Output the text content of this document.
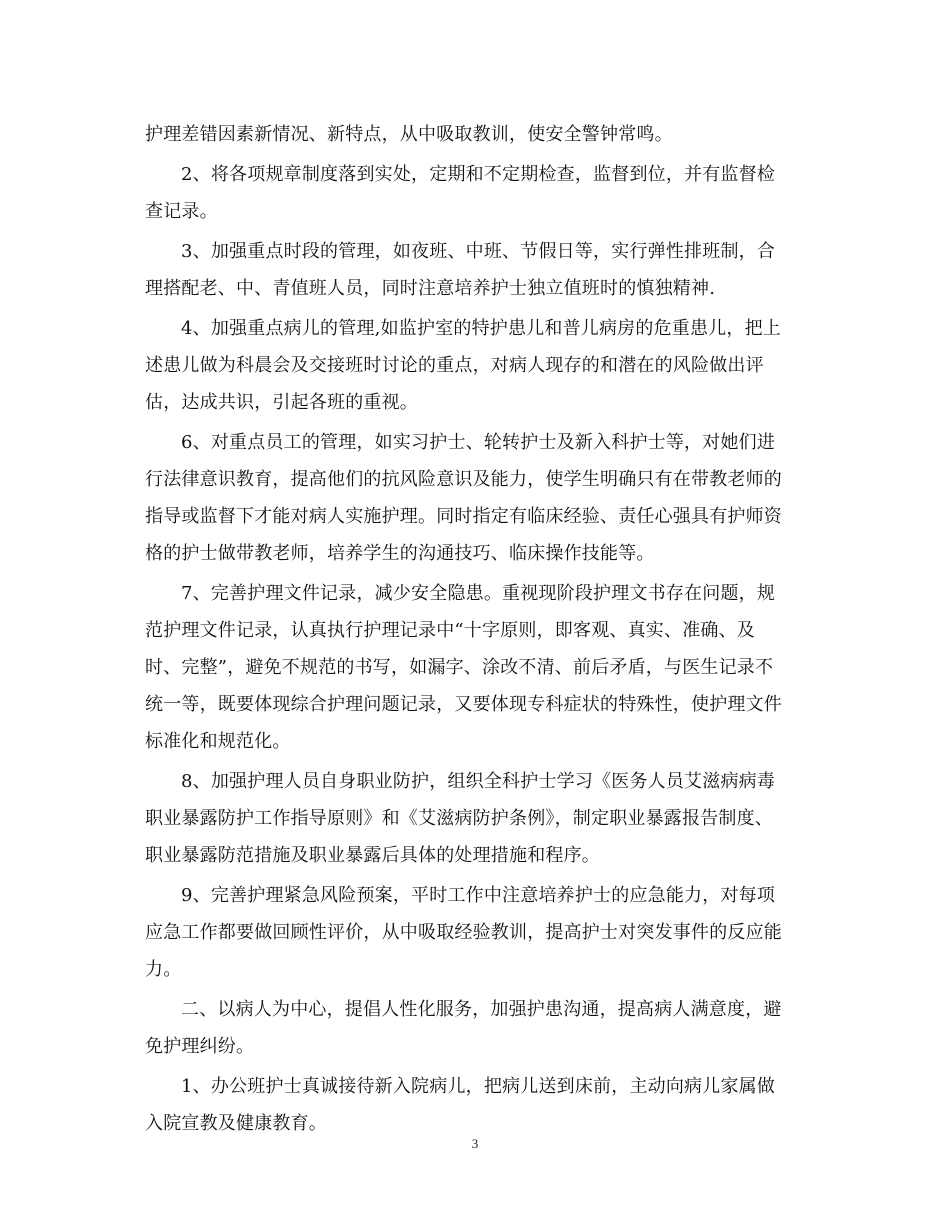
护理差错因素新情况、新特点，从中吸取教训，使安全警钟常鸣。
2、将各项规章制度落到实处，定期和不定期检查，监督到位，并有监督检
查记录。
3、加强重点时段的管理，如夜班、中班、节假日等，实行弹性排班制，合
理搭配老、中、青值班人员，同时注意培养护士独立值班时的慎独精神.
4、加强重点病儿的管理,如监护室的特护患儿和普儿病房的危重患儿，把上
述患儿做为科晨会及交接班时讨论的重点，对病人现存的和潜在的风险做出评
估，达成共识，引起各班的重视。
6、对重点员工的管理，如实习护士、轮转护士及新入科护士等，对她们进
行法律意识教育，提高他们的抗风险意识及能力，使学生明确只有在带教老师的
指导或监督下才能对病人实施护理。同时指定有临床经验、责任心强具有护师资
格的护士做带教老师，培养学生的沟通技巧、临床操作技能等。
7、完善护理文件记录，减少安全隐患。重视现阶段护理文书存在问题，规
范护理文件记录，认真执行护理记录中“十字原则，即客观、真实、准确、及
时、完整”，避免不规范的书写，如漏字、涂改不清、前后矛盾，与医生记录不
统一等，既要体现综合护理问题记录，又要体现专科症状的特殊性，使护理文件
标准化和规范化。
8、加强护理人员自身职业防护，组织全科护士学习《医务人员艾滋病病毒
职业暴露防护工作指导原则》和《艾滋病防护条例》，制定职业暴露报告制度、
职业暴露防范措施及职业暴露后具体的处理措施和程序。
9、完善护理紧急风险预案，平时工作中注意培养护士的应急能力，对每项
应急工作都要做回顾性评价，从中吸取经验教训，提高护士对突发事件的反应能
力。
二、以病人为中心，提倡人性化服务，加强护患沟通，提高病人满意度，避
免护理纠纷。
1、办公班护士真诚接待新入院病儿，把病儿送到床前，主动向病儿家属做
入院宣教及健康教育。
3
